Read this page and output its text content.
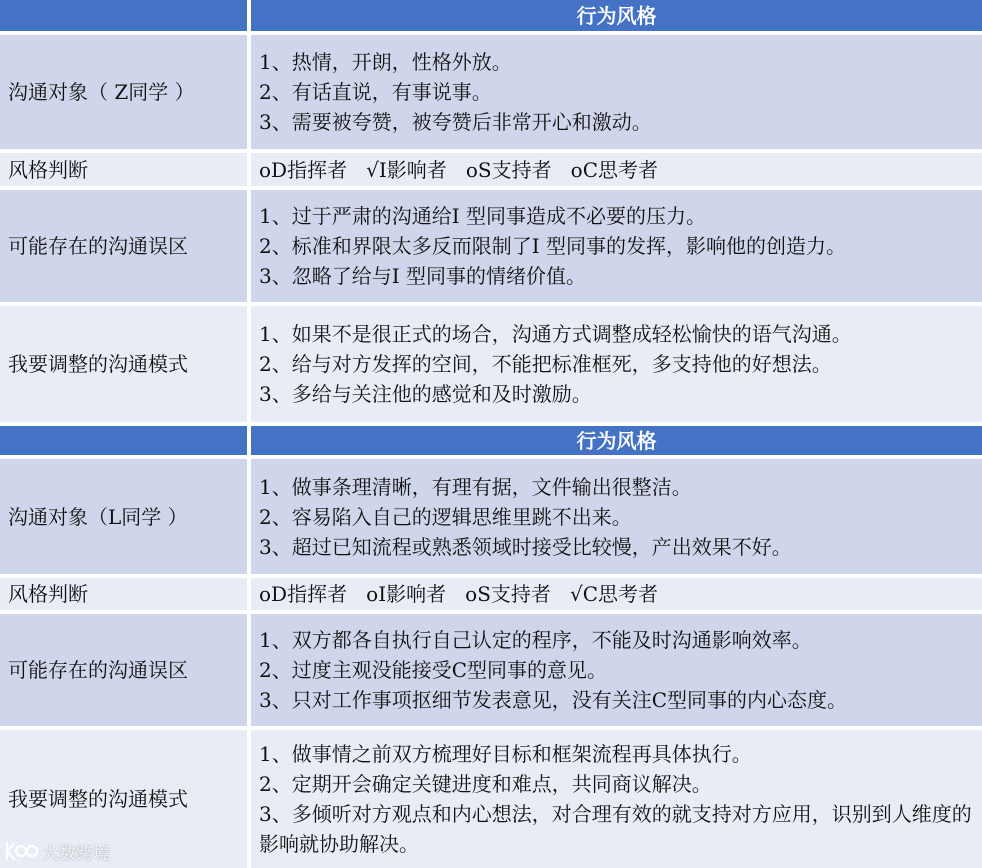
行为风格
沟通对象（ Z同学 ）
1、热情，开朗，性格外放。
2、有话直说，有事说事。
3、需要被夸赞，被夸赞后非常开心和激动。
风格判断	oD指挥者   √I影响者   oS支持者   oC思考者
可能存在的沟通误区
1、过于严肃的沟通给I 型同事造成不必要的压力。
2、标准和界限太多反而限制了I 型同事的发挥，影响他的创造力。
3、忽略了给与I 型同事的情绪价值。
我要调整的沟通模式
1、如果不是很正式的场合，沟通方式调整成轻松愉快的语气沟通。
2、给与对方发挥的空间，不能把标准框死，多支持他的好想法。
3、多给与关注他的感觉和及时激励。
行为风格
沟通对象（L同学 ）
1、做事条理清晰，有理有据，文件输出很整洁。
2、容易陷入自己的逻辑思维里跳不出来。
3、超过已知流程或熟悉领域时接受比较慢，产出效果不好。
风格判断	oD指挥者   oI影响者   oS支持者   √C思考者
可能存在的沟通误区
1、双方都各自执行自己认定的程序，不能及时沟通影响效率。
2、过度主观没能接受C型同事的意见。
3、只对工作事项抠细节发表意见，没有关注C型同事的内心态度。
我要调整的沟通模式
1、做事情之前双方梳理好目标和框架流程再具体执行。
2、定期开会确定关键进度和难点，共同商议解决。
3、多倾听对方观点和内心想法，对合理有效的就支持对方应用，识别到人维度的影响就协助解决。
大数跨境
